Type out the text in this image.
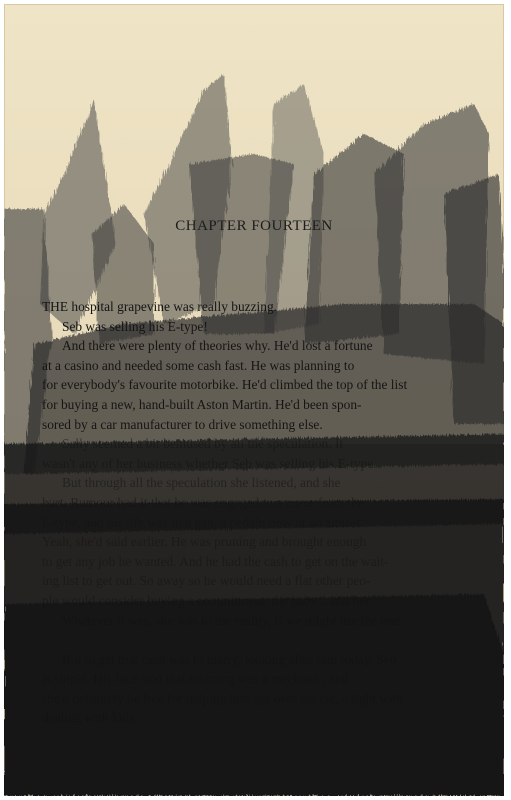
CHAPTER FOURTEEN
THE hospital grapevine was really buzzing.
Seb was selling his E-type!
And there were plenty of theories why. He'd lost a fortune
at a casino and needed some cash fast. He was planning to
for everybody's favourite motorbike. He'd climbed the top of the list
for buying a new, hand-built Aston Martin. He'd been spon-
sored by a car manufacturer to drive something else.
Sally seemed a bit bemused by all the speculation. It
wasn't any of her business whether Seb was selling his E-type.
But through all the speculation she listened, and she
hurt. Rumour had it that he was engaged to a nurse from the
E-type, and his life was in a gap, a pedalo now or so almost.
Yeah, she'd said earlier. He was pruning and brought enough
to get any job he wanted. And he had the cash to get on the wait-
ing list to get out. So away so he would need a flat other peo-
ple would consider buying a commitment, the baby... and her.
Whatever it was, she was to the reality, if we might use the one.

But to get that cash was to marry, looking after him today, Seb
is single. His face said that morning was a mechanic, and
she'd definitely be free for helping him get over his car, a tight with
dealing with kids.
